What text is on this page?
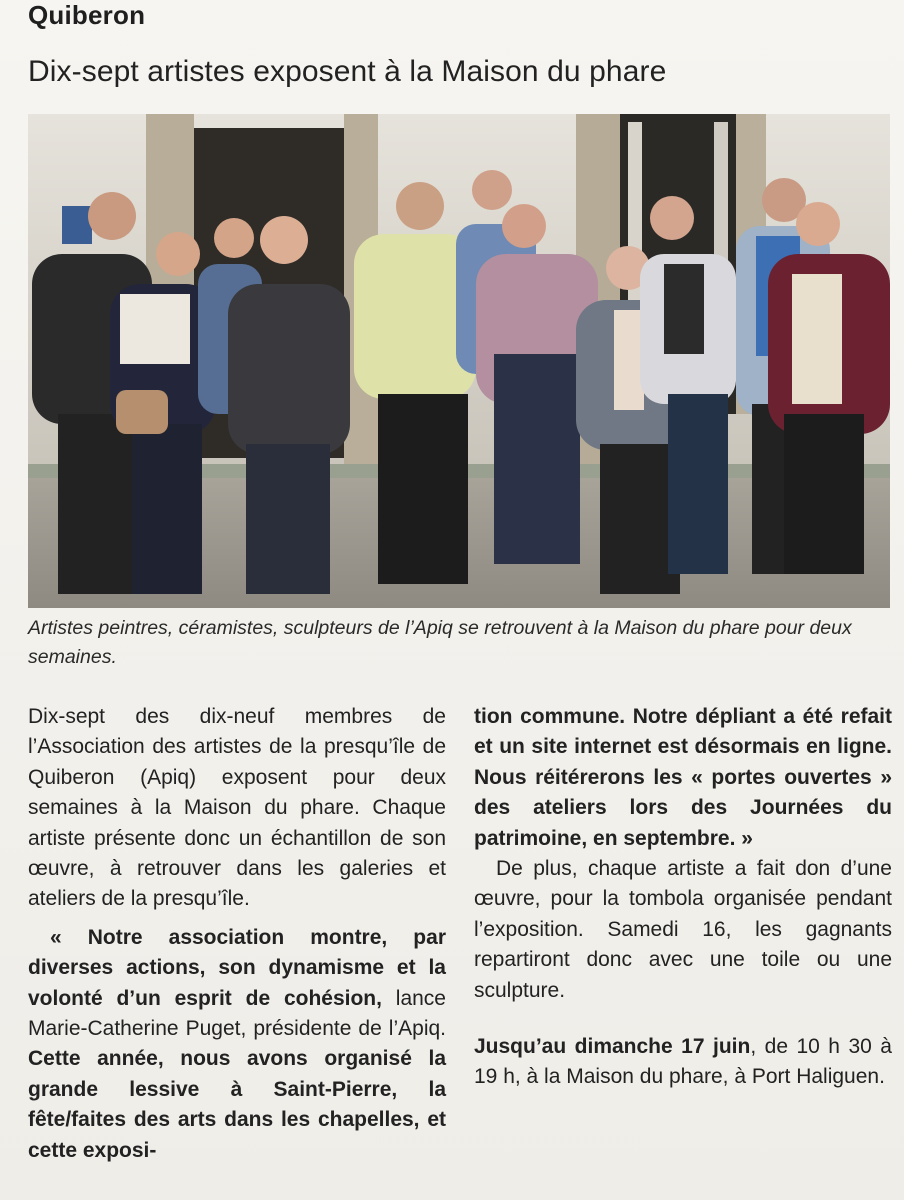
Quiberon
Dix-sept artistes exposent à la Maison du phare
Artistes peintres, céramistes, sculpteurs de l’Apiq se retrouvent à la Maison du phare pour deux semaines.

Dix-sept des dix-neuf membres de l’Association des artistes de la presqu’île de Quiberon (Apiq) exposent pour deux semaines à la Maison du phare. Chaque artiste présente donc un échantillon de son œuvre, à retrouver dans les galeries et ateliers de la presqu’île.

« Notre association montre, par diverses actions, son dynamisme et la volonté d’un esprit de cohésion, lance Marie-Catherine Puget, présidente de l’Apiq. Cette année, nous avons organisé la grande lessive à Saint-Pierre, la fête/faites des arts dans les chapelles, et cette exposi-

tion commune. Notre dépliant a été refait et un site internet est désormais en ligne. Nous réitérerons les « portes ouvertes » des ateliers lors des Journées du patrimoine, en septembre. »

De plus, chaque artiste a fait don d’une œuvre, pour la tombola organisée pendant l’exposition. Samedi 16, les gagnants repartiront donc avec une toile ou une sculpture.

Jusqu’au dimanche 17 juin, de 10 h 30 à 19 h, à la Maison du phare, à Port Haliguen.
